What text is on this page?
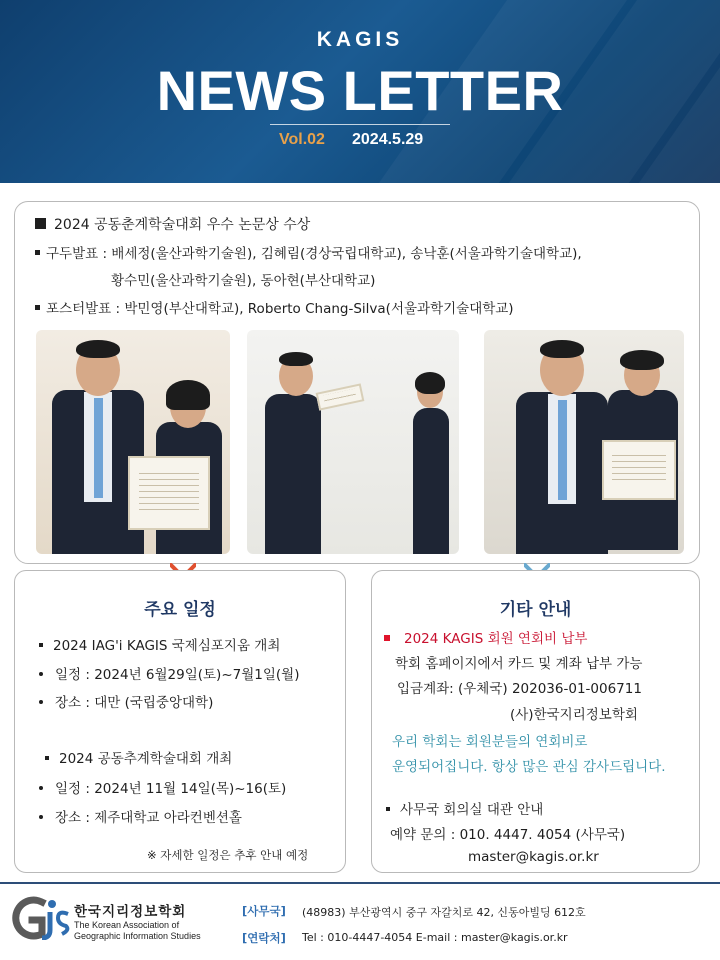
KAGIS
NEWS LETTER
Vol.02 2024.5.29
2024 공동춘계학술대회 우수 논문상 수상
구두발표 : 배세정(울산과학기술원), 김혜림(경상국립대학교), 송낙훈(서울과학기술대학교),
황수민(울산과학기술원), 동아현(부산대학교)
포스터발표 : 박민영(부산대학교), Roberto Chang-Silva(서울과학기술대학교)
주요 일정
2024 IAG'i KAGIS 국제심포지움 개최
일정 : 2024년 6월29일(토)~7월1일(월)
장소 : 대만 (국립중앙대학)
2024 공동추계학술대회 개최
일정 : 2024년 11월 14일(목)~16(토)
장소 : 제주대학교 아라컨벤션홀
※ 자세한 일정은 추후 안내 예정
기타 안내
2024 KAGIS 회원 연회비 납부
학회 홈페이지에서 카드 및 계좌 납부 가능
입금계좌: (우체국) 202036-01-006711
(사)한국지리정보학회
우리 학회는 회원분들의 연회비로
운영되어집니다. 항상 많은 관심 감사드립니다.
사무국 회의실 대관 안내
예약 문의 : 010. 4447. 4054 (사무국)
master@kagis.or.kr
한국지리정보학회
The Korean Association of
Geographic Information Studies
[사무국] (48983) 부산광역시 중구 자갈치로 42, 신동아빌딩 612호
[연락처] Tel : 010-4447-4054 E-mail : master@kagis.or.kr
